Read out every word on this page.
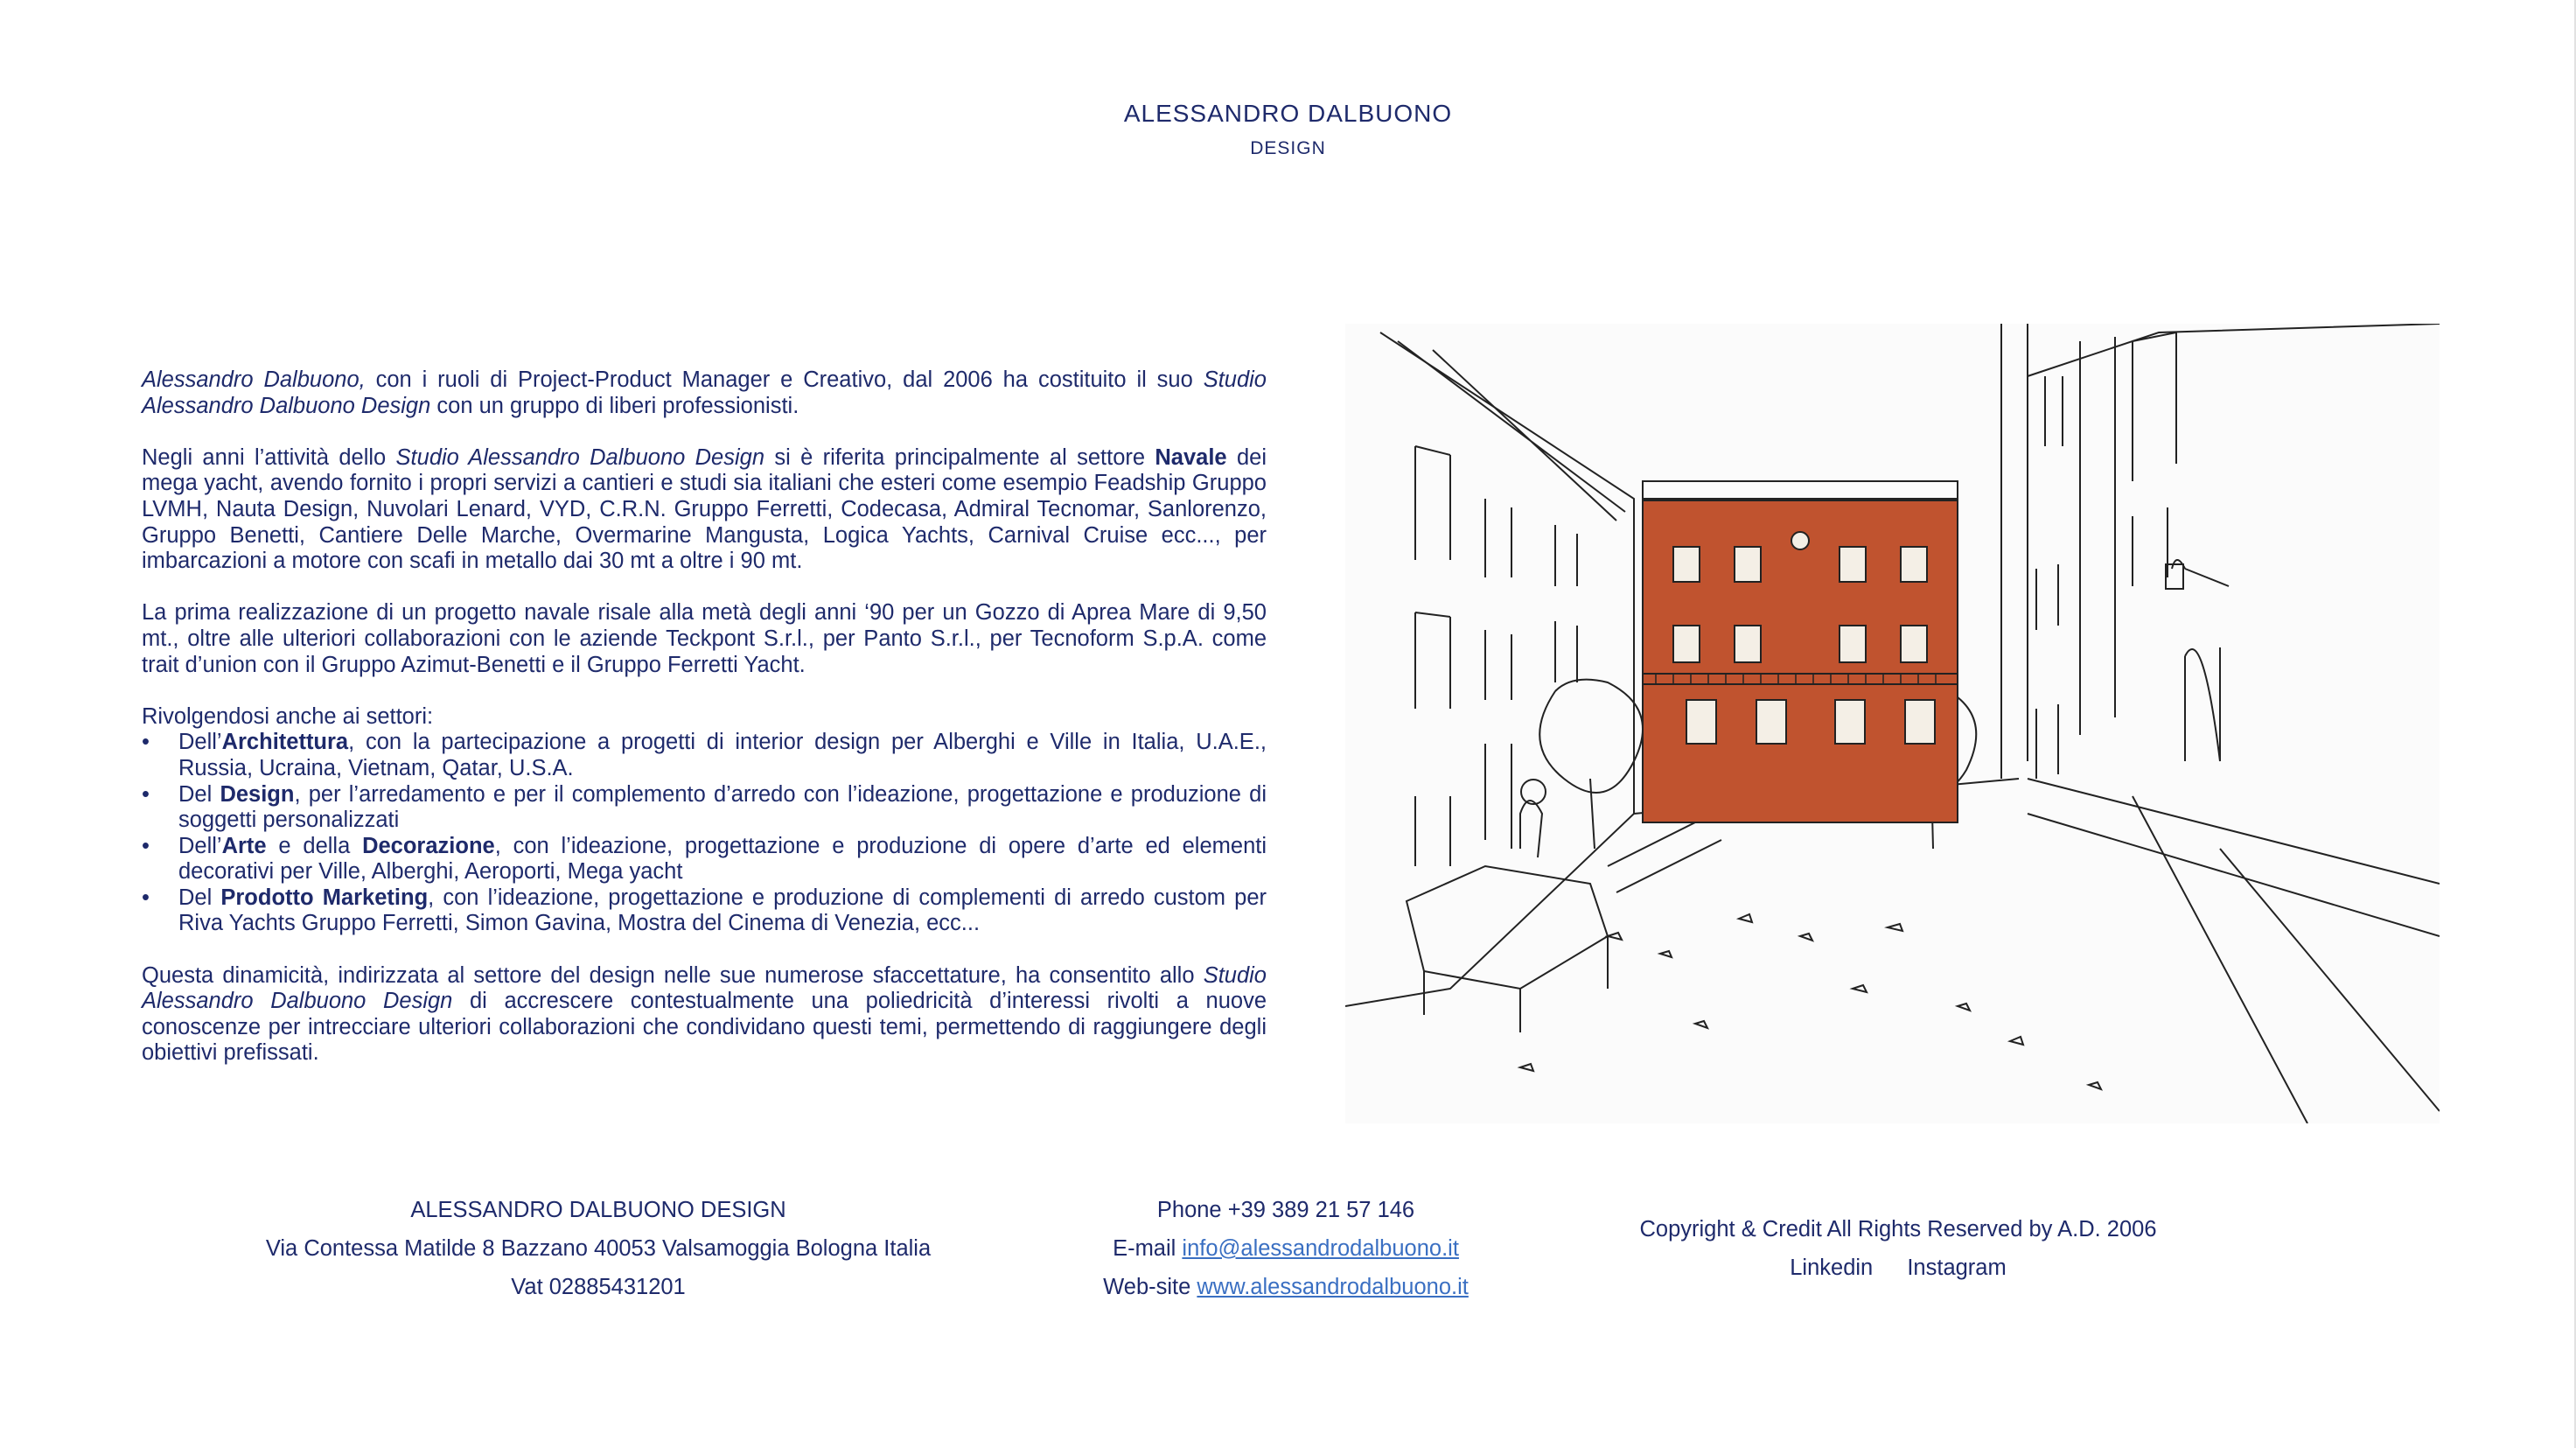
ALESSANDRO DALBUONO
DESIGN

Alessandro Dalbuono, con i ruoli di Project-Product Manager e Creativo, dal 2006 ha costituito il suo Studio Alessandro Dalbuono Design con un gruppo di liberi professionisti.

Negli anni l’attività dello Studio Alessandro Dalbuono Design si è riferita principalmente al settore Navale dei mega yacht, avendo fornito i propri servizi a cantieri e studi sia italiani che esteri come esempio Feadship Gruppo LVMH, Nauta Design, Nuvolari Lenard, VYD, C.R.N. Gruppo Ferretti, Codecasa, Admiral Tecnomar, Sanlorenzo, Gruppo Benetti, Cantiere Delle Marche, Overmarine Mangusta, Logica Yachts, Carnival Cruise ecc..., per imbarcazioni a motore con scafi in metallo dai 30 mt a oltre i 90 mt.

La prima realizzazione di un progetto navale risale alla metà degli anni ‘90 per un Gozzo di Aprea Mare di 9,50 mt., oltre alle ulteriori collaborazioni con le aziende Teckpont S.r.l., per Panto S.r.l., per Tecnoform S.p.A. come trait d’union con il Gruppo Azimut-Benetti e il Gruppo Ferretti Yacht.

Rivolgendosi anche ai settori:
• Dell’Architettura, con la partecipazione a progetti di interior design per Alberghi e Ville in Italia, U.A.E., Russia, Ucraina, Vietnam, Qatar, U.S.A.
• Del Design, per l’arredamento e per il complemento d’arredo con l’ideazione, progettazione e produzione di soggetti personalizzati
• Dell’Arte e della Decorazione, con l’ideazione, progettazione e produzione di opere d’arte ed elementi decorativi per Ville, Alberghi, Aeroporti, Mega yacht
• Del Prodotto Marketing, con l’ideazione, progettazione e produzione di complementi di arredo custom per Riva Yachts Gruppo Ferretti, Simon Gavina, Mostra del Cinema di Venezia, ecc...

Questa dinamicità, indirizzata al settore del design nelle sue numerose sfaccettature, ha consentito allo Studio Alessandro Dalbuono Design di accrescere contestualmente una poliedricità d’interessi rivolti a nuove conoscenze per intrecciare ulteriori collaborazioni che condividano questi temi, permettendo di raggiungere degli obiettivi prefissati.

ALESSANDRO DALBUONO DESIGN
Via Contessa Matilde 8 Bazzano 40053 Valsamoggia Bologna Italia
Vat 02885431201
Phone +39 389 21 57 146
E-mail info@alessandrodalbuono.it
Web-site www.alessandrodalbuono.it
Copyright & Credit All Rights Reserved by A.D. 2006
Linkedin Instagram
